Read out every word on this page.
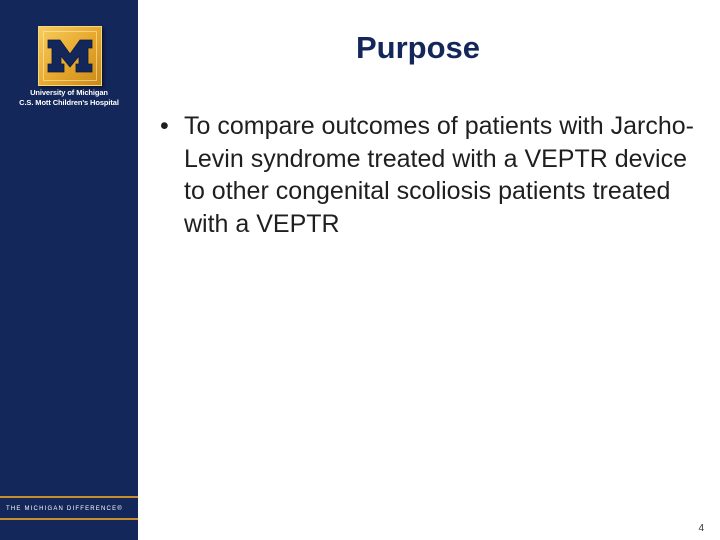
University of Michigan
C.S. Mott Children's Hospital
THE MICHIGAN DIFFERENCE®
Purpose
• To compare outcomes of patients with Jarcho-Levin syndrome treated with a VEPTR device to other congenital scoliosis patients treated with a VEPTR
4
